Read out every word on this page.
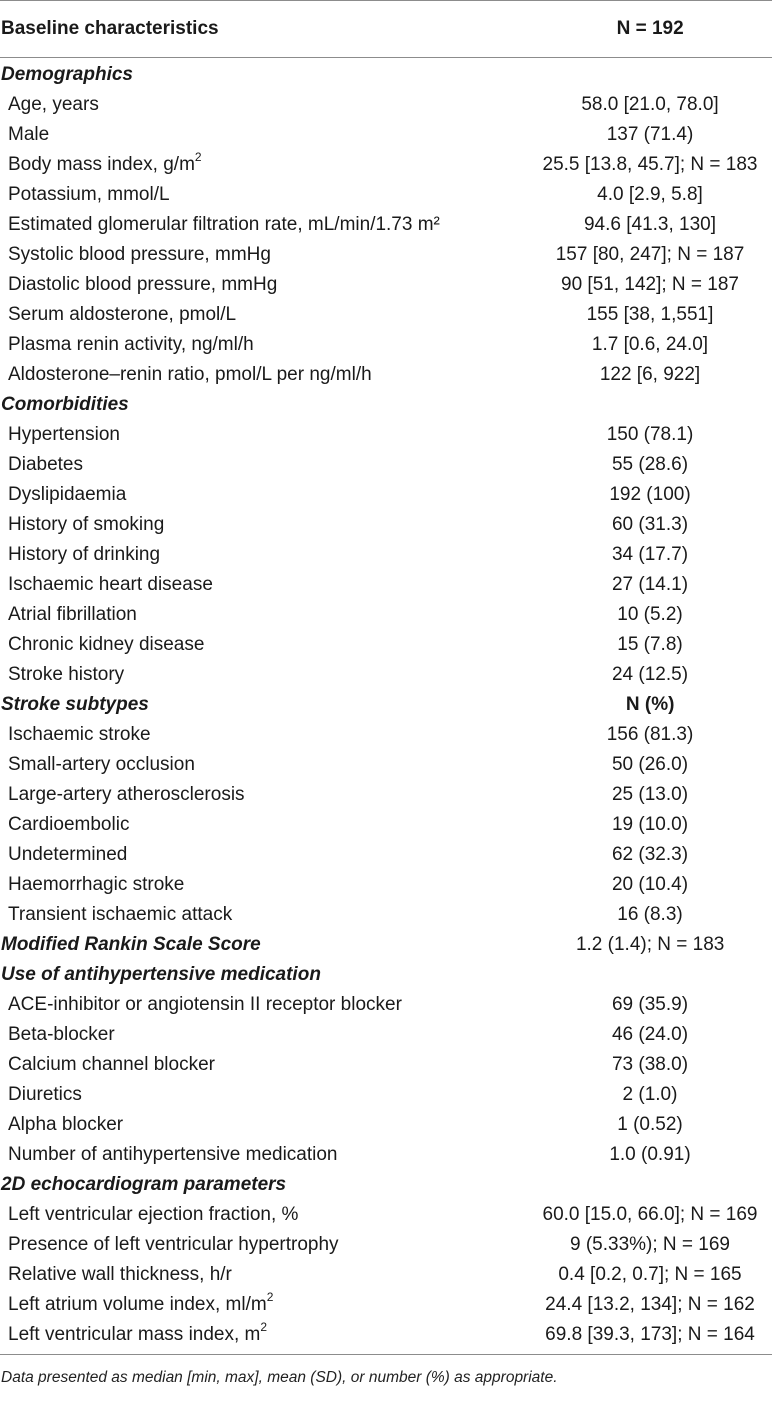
Baseline characteristics	N = 192
Demographics
Age, years	58.0 [21.0, 78.0]
Male	137 (71.4)
Body mass index, $g/m^2$	25.5 [13.8, 45.7]; N = 183
Potassium, mmol/L	4.0 [2.9, 5.8]
Estimated glomerular filtration rate, mL/min/1.73 m²	94.6 [41.3, 130]
Systolic blood pressure, mmHg	157 [80, 247]; N = 187
Diastolic blood pressure, mmHg	90 [51, 142]; N = 187
Serum aldosterone, pmol/L	155 [38, 1,551]
Plasma renin activity, ng/ml/h	1.7 [0.6, 24.0]
Aldosterone–renin ratio, pmol/L per ng/ml/h	122 [6, 922]
Comorbidities
Hypertension	150 (78.1)
Diabetes	55 (28.6)
Dyslipidaemia	192 (100)
History of smoking	60 (31.3)
History of drinking	34 (17.7)
Ischaemic heart disease	27 (14.1)
Atrial fibrillation	10 (5.2)
Chronic kidney disease	15 (7.8)
Stroke history	24 (12.5)
Stroke subtypes	N (%)
Ischaemic stroke	156 (81.3)
Small-artery occlusion	50 (26.0)
Large-artery atherosclerosis	25 (13.0)
Cardioembolic	19 (10.0)
Undetermined	62 (32.3)
Haemorrhagic stroke	20 (10.4)
Transient ischaemic attack	16 (8.3)
Modified Rankin Scale Score	1.2 (1.4); N = 183
Use of antihypertensive medication
ACE-inhibitor or angiotensin II receptor blocker	69 (35.9)
Beta-blocker	46 (24.0)
Calcium channel blocker	73 (38.0)
Diuretics	2 (1.0)
Alpha blocker	1 (0.52)
Number of antihypertensive medication	1.0 (0.91)
2D echocardiogram parameters
Left ventricular ejection fraction, %	60.0 [15.0, 66.0]; N = 169
Presence of left ventricular hypertrophy	9 (5.33%); N = 169
Relative wall thickness, h/r	0.4 [0.2, 0.7]; N = 165
Left atrium volume index, $ml/m^2$	24.4 [13.2, 134]; N = 162
Left ventricular mass index, $m^2$	69.8 [39.3, 173]; N = 164
Data presented as median [min, max], mean (SD), or number (%) as appropriate.
